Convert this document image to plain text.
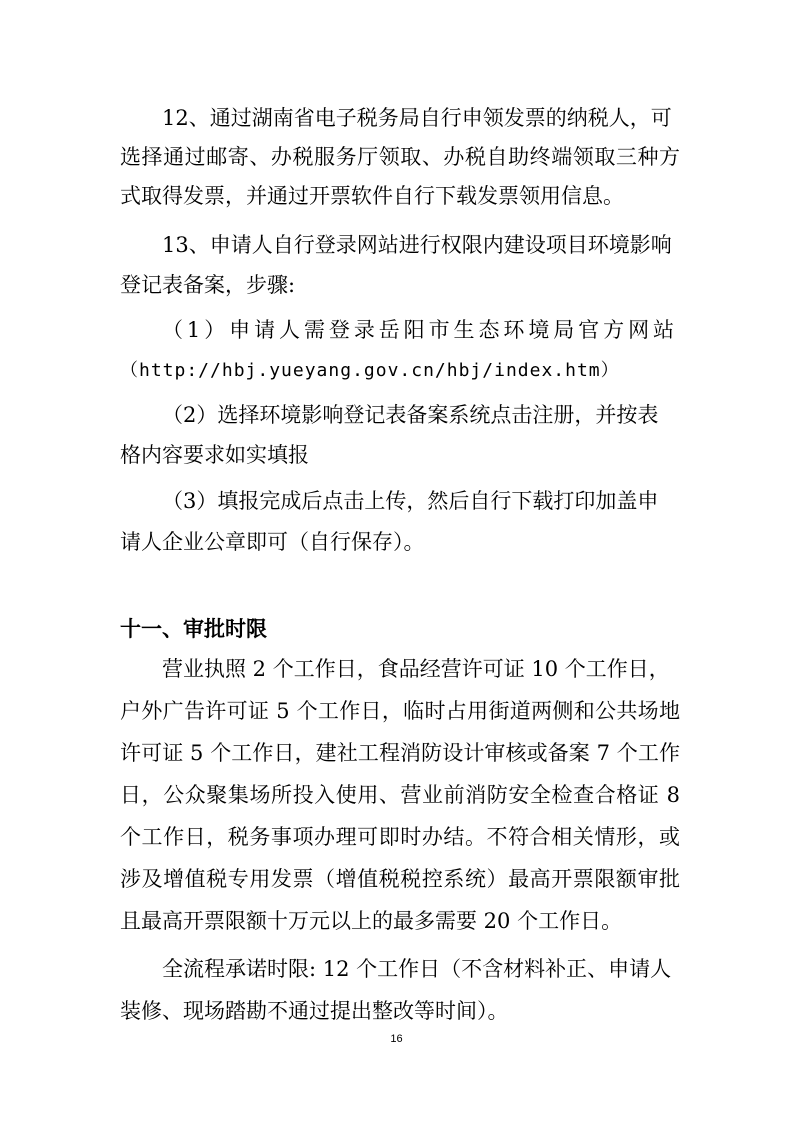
12、通过湖南省电子税务局自行申领发票的纳税人，可
选择通过邮寄、办税服务厅领取、办税自助终端领取三种方
式取得发票，并通过开票软件自行下载发票领用信息。
13、申请人自行登录网站进行权限内建设项目环境影响
登记表备案，步骤:
（1）申请人需登录岳阳市生态环境局官方网站
（http://hbj.yueyang.gov.cn/hbj/index.htm）
（2）选择环境影响登记表备案系统点击注册，并按表
格内容要求如实填报
（3）填报完成后点击上传，然后自行下载打印加盖申
请人企业公章即可（自行保存）。
十一、审批时限
营业执照 2 个工作日，食品经营许可证 10 个工作日，
户外广告许可证 5 个工作日，临时占用街道两侧和公共场地
许可证 5 个工作日，建社工程消防设计审核或备案 7 个工作
日，公众聚集场所投入使用、营业前消防安全检查合格证 8
个工作日，税务事项办理可即时办结。不符合相关情形，或
涉及增值税专用发票（增值税税控系统）最高开票限额审批
且最高开票限额十万元以上的最多需要 20 个工作日。
全流程承诺时限: 12 个工作日（不含材料补正、申请人
装修、现场踏勘不通过提出整改等时间）。
16
